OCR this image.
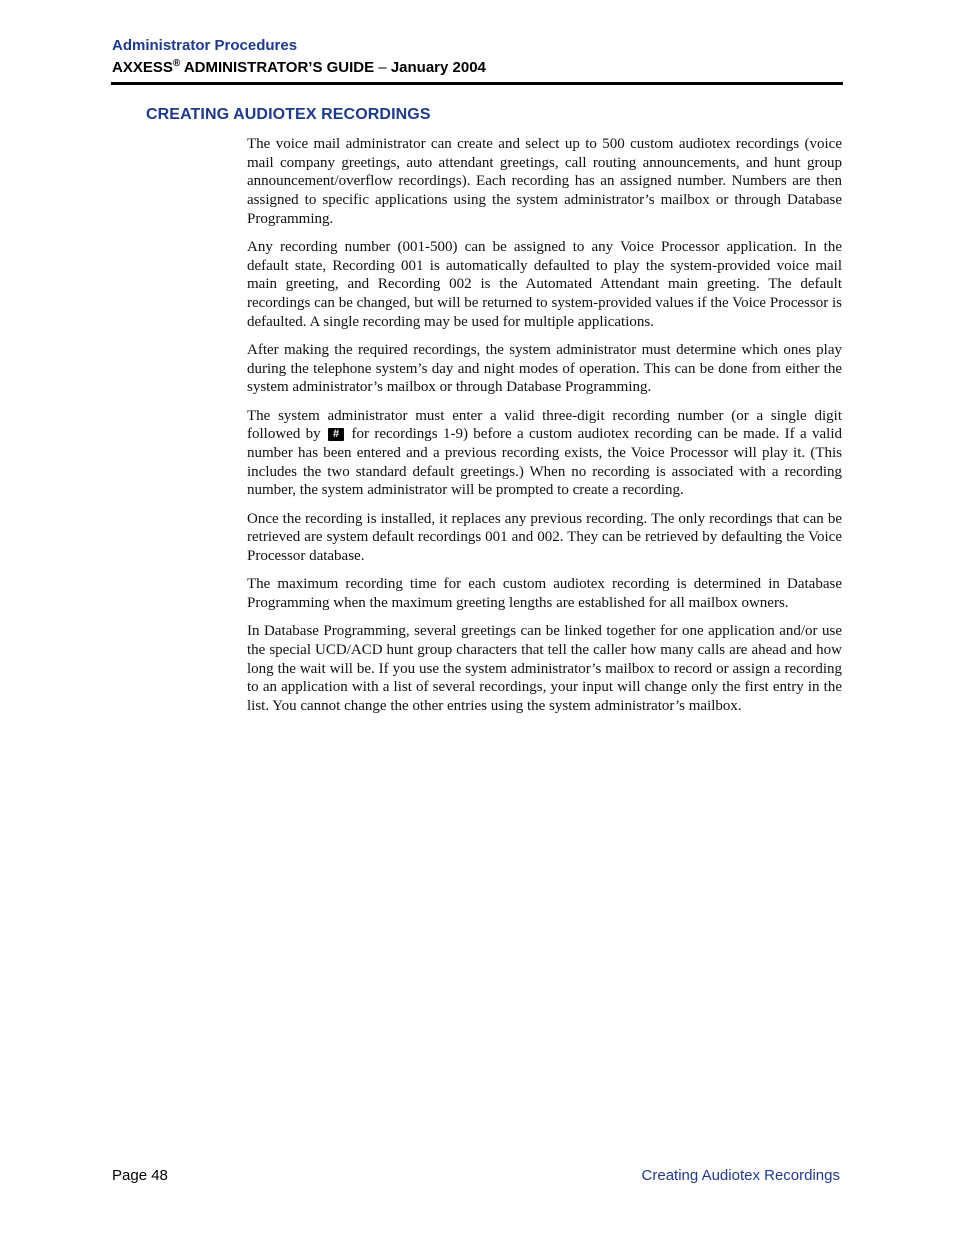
Administrator Procedures
AXXESS® ADMINISTRATOR’S GUIDE – January 2004
CREATING AUDIOTEX RECORDINGS

The voice mail administrator can create and select up to 500 custom audiotex recordings (voice mail company greetings, auto attendant greetings, call routing announcements, and hunt group announcement/overflow recordings). Each recording has an assigned number. Numbers are then assigned to specific applications using the system administrator’s mailbox or through Database Programming.

Any recording number (001-500) can be assigned to any Voice Processor application. In the default state, Recording 001 is automatically defaulted to play the system-provided voice mail main greeting, and Recording 002 is the Automated Attendant main greeting. The default recordings can be changed, but will be returned to system-provided values if the Voice Processor is defaulted. A single recording may be used for multiple applications.

After making the required recordings, the system administrator must determine which ones play during the telephone system’s day and night modes of operation. This can be done from either the system administrator’s mailbox or through Database Programming.

The system administrator must enter a valid three-digit recording number (or a single digit followed by # for recordings 1-9) before a custom audiotex recording can be made. If a valid number has been entered and a previous recording exists, the Voice Processor will play it. (This includes the two standard default greetings.) When no recording is associated with a recording number, the system administrator will be prompted to create a recording.

Once the recording is installed, it replaces any previous recording. The only recordings that can be retrieved are system default recordings 001 and 002. They can be retrieved by defaulting the Voice Processor database.

The maximum recording time for each custom audiotex recording is determined in Database Programming when the maximum greeting lengths are established for all mailbox owners.

In Database Programming, several greetings can be linked together for one application and/or use the special UCD/ACD hunt group characters that tell the caller how many calls are ahead and how long the wait will be. If you use the system administrator’s mailbox to record or assign a recording to an application with a list of several recordings, your input will change only the first entry in the list. You cannot change the other entries using the system administrator’s mailbox.

Page 48	Creating Audiotex Recordings
